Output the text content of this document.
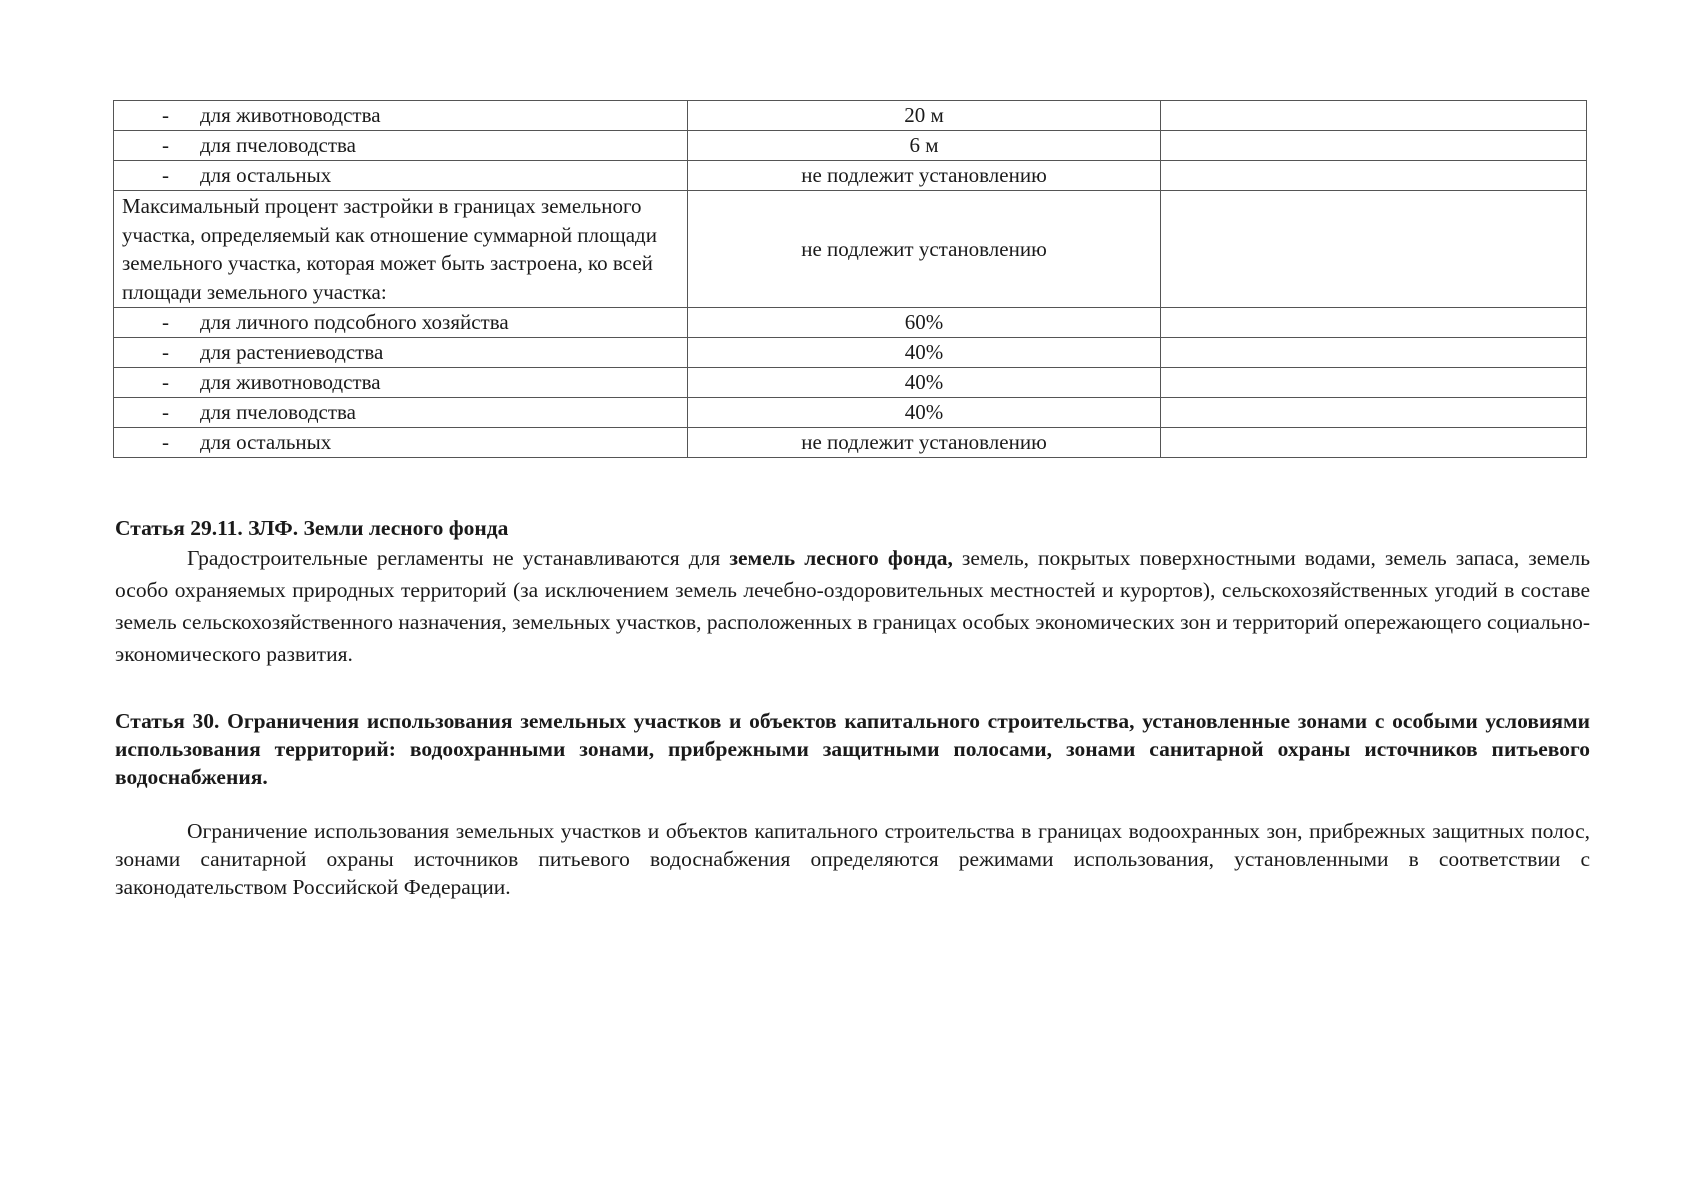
- для животноводства	20 м	
- для пчеловодства	6 м	
- для остальных	не подлежит установлению	
Максимальный процент застройки в границах земельного участка, определяемый как отношение суммарной площади земельного участка, которая может быть застроена, ко всей площади земельного участка:	не подлежит установлению	
- для личного подсобного хозяйства	60%	
- для растениеводства	40%	
- для животноводства	40%	
- для пчеловодства	40%	
- для остальных	не подлежит установлению	

Статья 29.11. ЗЛФ. Земли лесного фонда

Градостроительные регламенты не устанавливаются для земель лесного фонда, земель, покрытых поверхностными водами, земель запаса, земель особо охраняемых природных территорий (за исключением земель лечебно-оздоровительных местностей и курортов), сельскохозяйственных угодий в составе земель сельскохозяйственного назначения, земельных участков, расположенных в границах особых экономических зон и территорий опережающего социально-экономического развития.

Статья 30. Ограничения использования земельных участков и объектов капитального строительства, установленные зонами с особыми условиями использования территорий: водоохранными зонами, прибрежными защитными полосами, зонами санитарной охраны источников питьевого водоснабжения.

Ограничение использования земельных участков и объектов капитального строительства в границах водоохранных зон, прибрежных защитных полос, зонами санитарной охраны источников питьевого водоснабжения определяются режимами использования, установленными в соответствии с законодательством Российской Федерации.
